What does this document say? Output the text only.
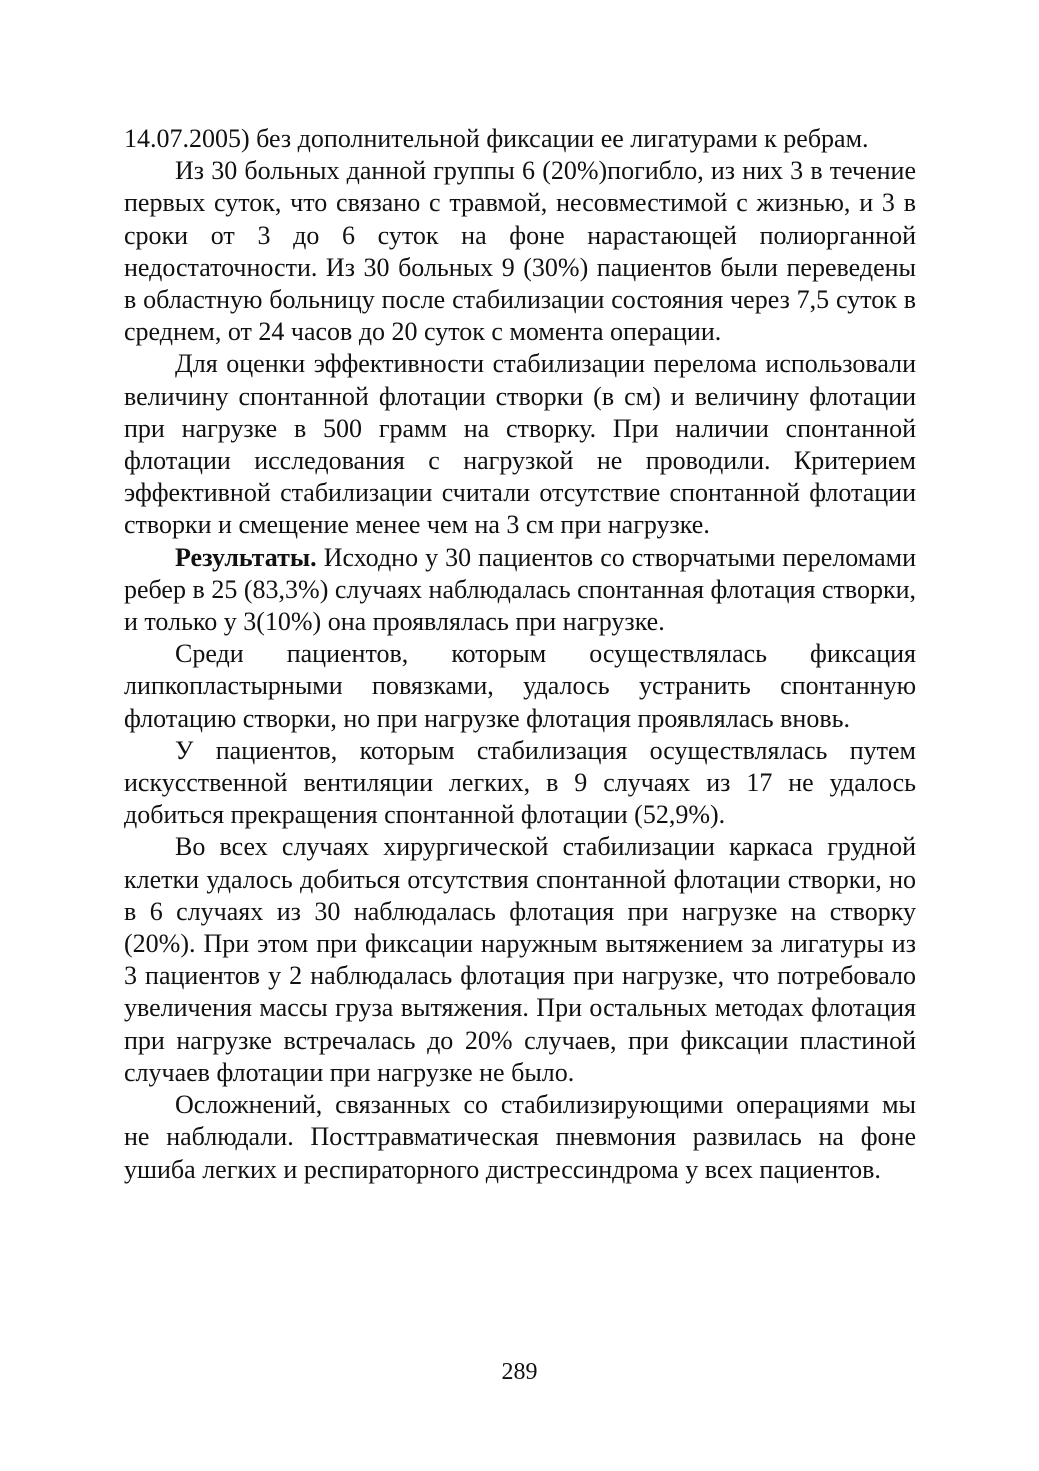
14.07.2005) без дополнительной фиксации ее лигатурами к ребрам.

Из 30 больных данной группы 6 (20%)погибло, из них 3 в течение первых суток, что связано с травмой, несовместимой с жизнью, и 3 в сроки от 3 до 6 суток на фоне нарастающей полиорганной недостаточности. Из 30 больных 9 (30%) пациентов были переведены в областную больницу после стабилизации состояния через 7,5 суток в среднем, от 24 часов до 20 суток с момента операции.

Для оценки эффективности стабилизации перелома использовали величину спонтанной флотации створки (в см) и величину флотации при нагрузке в 500 грамм на створку. При наличии спонтанной флотации исследования с нагрузкой не проводили. Критерием эффективной стабилизации считали отсутствие спонтанной флотации створки и смещение менее чем на 3 см при нагрузке.

Результаты. Исходно у 30 пациентов со створчатыми переломами ребер в 25 (83,3%) случаях наблюдалась спонтанная флотация створки, и только у 3(10%) она проявлялась при нагрузке.

Среди пациентов, которым осуществлялась фиксация липкопластырными повязками, удалось устранить спонтанную флотацию створки, но при нагрузке флотация проявлялась вновь.

У пациентов, которым стабилизация осуществлялась путем искусственной вентиляции легких, в 9 случаях из 17 не удалось добиться прекращения спонтанной флотации (52,9%).

Во всех случаях хирургической стабилизации каркаса грудной клетки удалось добиться отсутствия спонтанной флотации створки, но в 6 случаях из 30 наблюдалась флотация при нагрузке на створку (20%). При этом при фиксации наружным вытяжением за лигатуры из 3 пациентов у 2 наблюдалась флотация при нагрузке, что потребовало увеличения массы груза вытяжения. При остальных методах флотация при нагрузке встречалась до 20% случаев, при фиксации пластиной случаев флотации при нагрузке не было.

Осложнений, связанных со стабилизирующими операциями мы не наблюдали. Посттравматическая пневмония развилась на фоне ушиба легких и респираторного дистрессиндрома у всех пациентов.

289
